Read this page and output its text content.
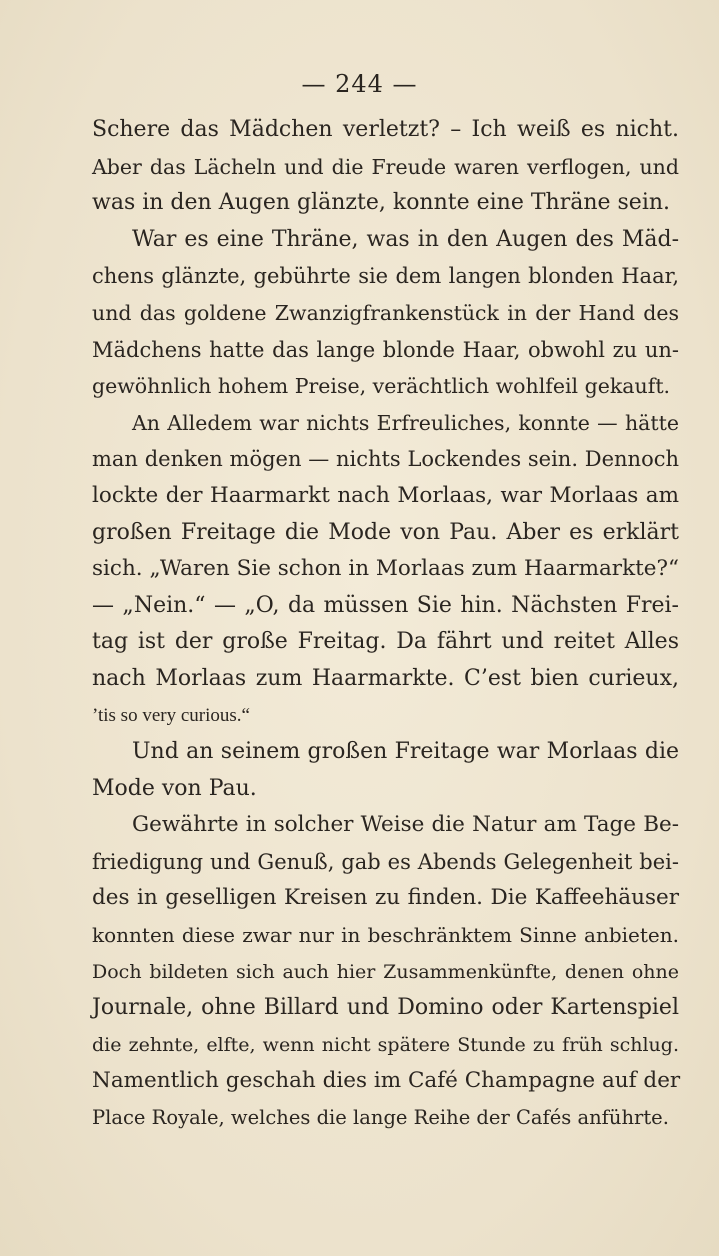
— 244 —
Schere das Mädchen verletzt? – Ich weiß es nicht.
Aber das Lächeln und die Freude waren verflogen, und
was in den Augen glänzte, konnte eine Thräne sein.
War es eine Thräne, was in den Augen des Mäd-
chens glänzte, gebührte sie dem langen blonden Haar,
und das goldene Zwanzigfrankenstück in der Hand des
Mädchens hatte das lange blonde Haar, obwohl zu un-
gewöhnlich hohem Preise, verächtlich wohlfeil gekauft.
An Alledem war nichts Erfreuliches, konnte — hätte
man denken mögen — nichts Lockendes sein. Dennoch
lockte der Haarmarkt nach Morlaas, war Morlaas am
großen Freitage die Mode von Pau. Aber es erklärt
sich. „Waren Sie schon in Morlaas zum Haarmarkte?“
— „Nein.“ — „O, da müssen Sie hin. Nächsten Frei-
tag ist der große Freitag. Da fährt und reitet Alles
nach Morlaas zum Haarmarkte. C’est bien curieux,
’tis so very curious.“
Und an seinem großen Freitage war Morlaas die
Mode von Pau.
Gewährte in solcher Weise die Natur am Tage Be-
friedigung und Genuß, gab es Abends Gelegenheit bei-
des in geselligen Kreisen zu finden. Die Kaffeehäuser
konnten diese zwar nur in beschränktem Sinne anbieten.
Doch bildeten sich auch hier Zusammenkünfte, denen ohne
Journale, ohne Billard und Domino oder Kartenspiel
die zehnte, elfte, wenn nicht spätere Stunde zu früh schlug.
Namentlich geschah dies im Café Champagne auf der
Place Royale, welches die lange Reihe der Cafés anführte.
